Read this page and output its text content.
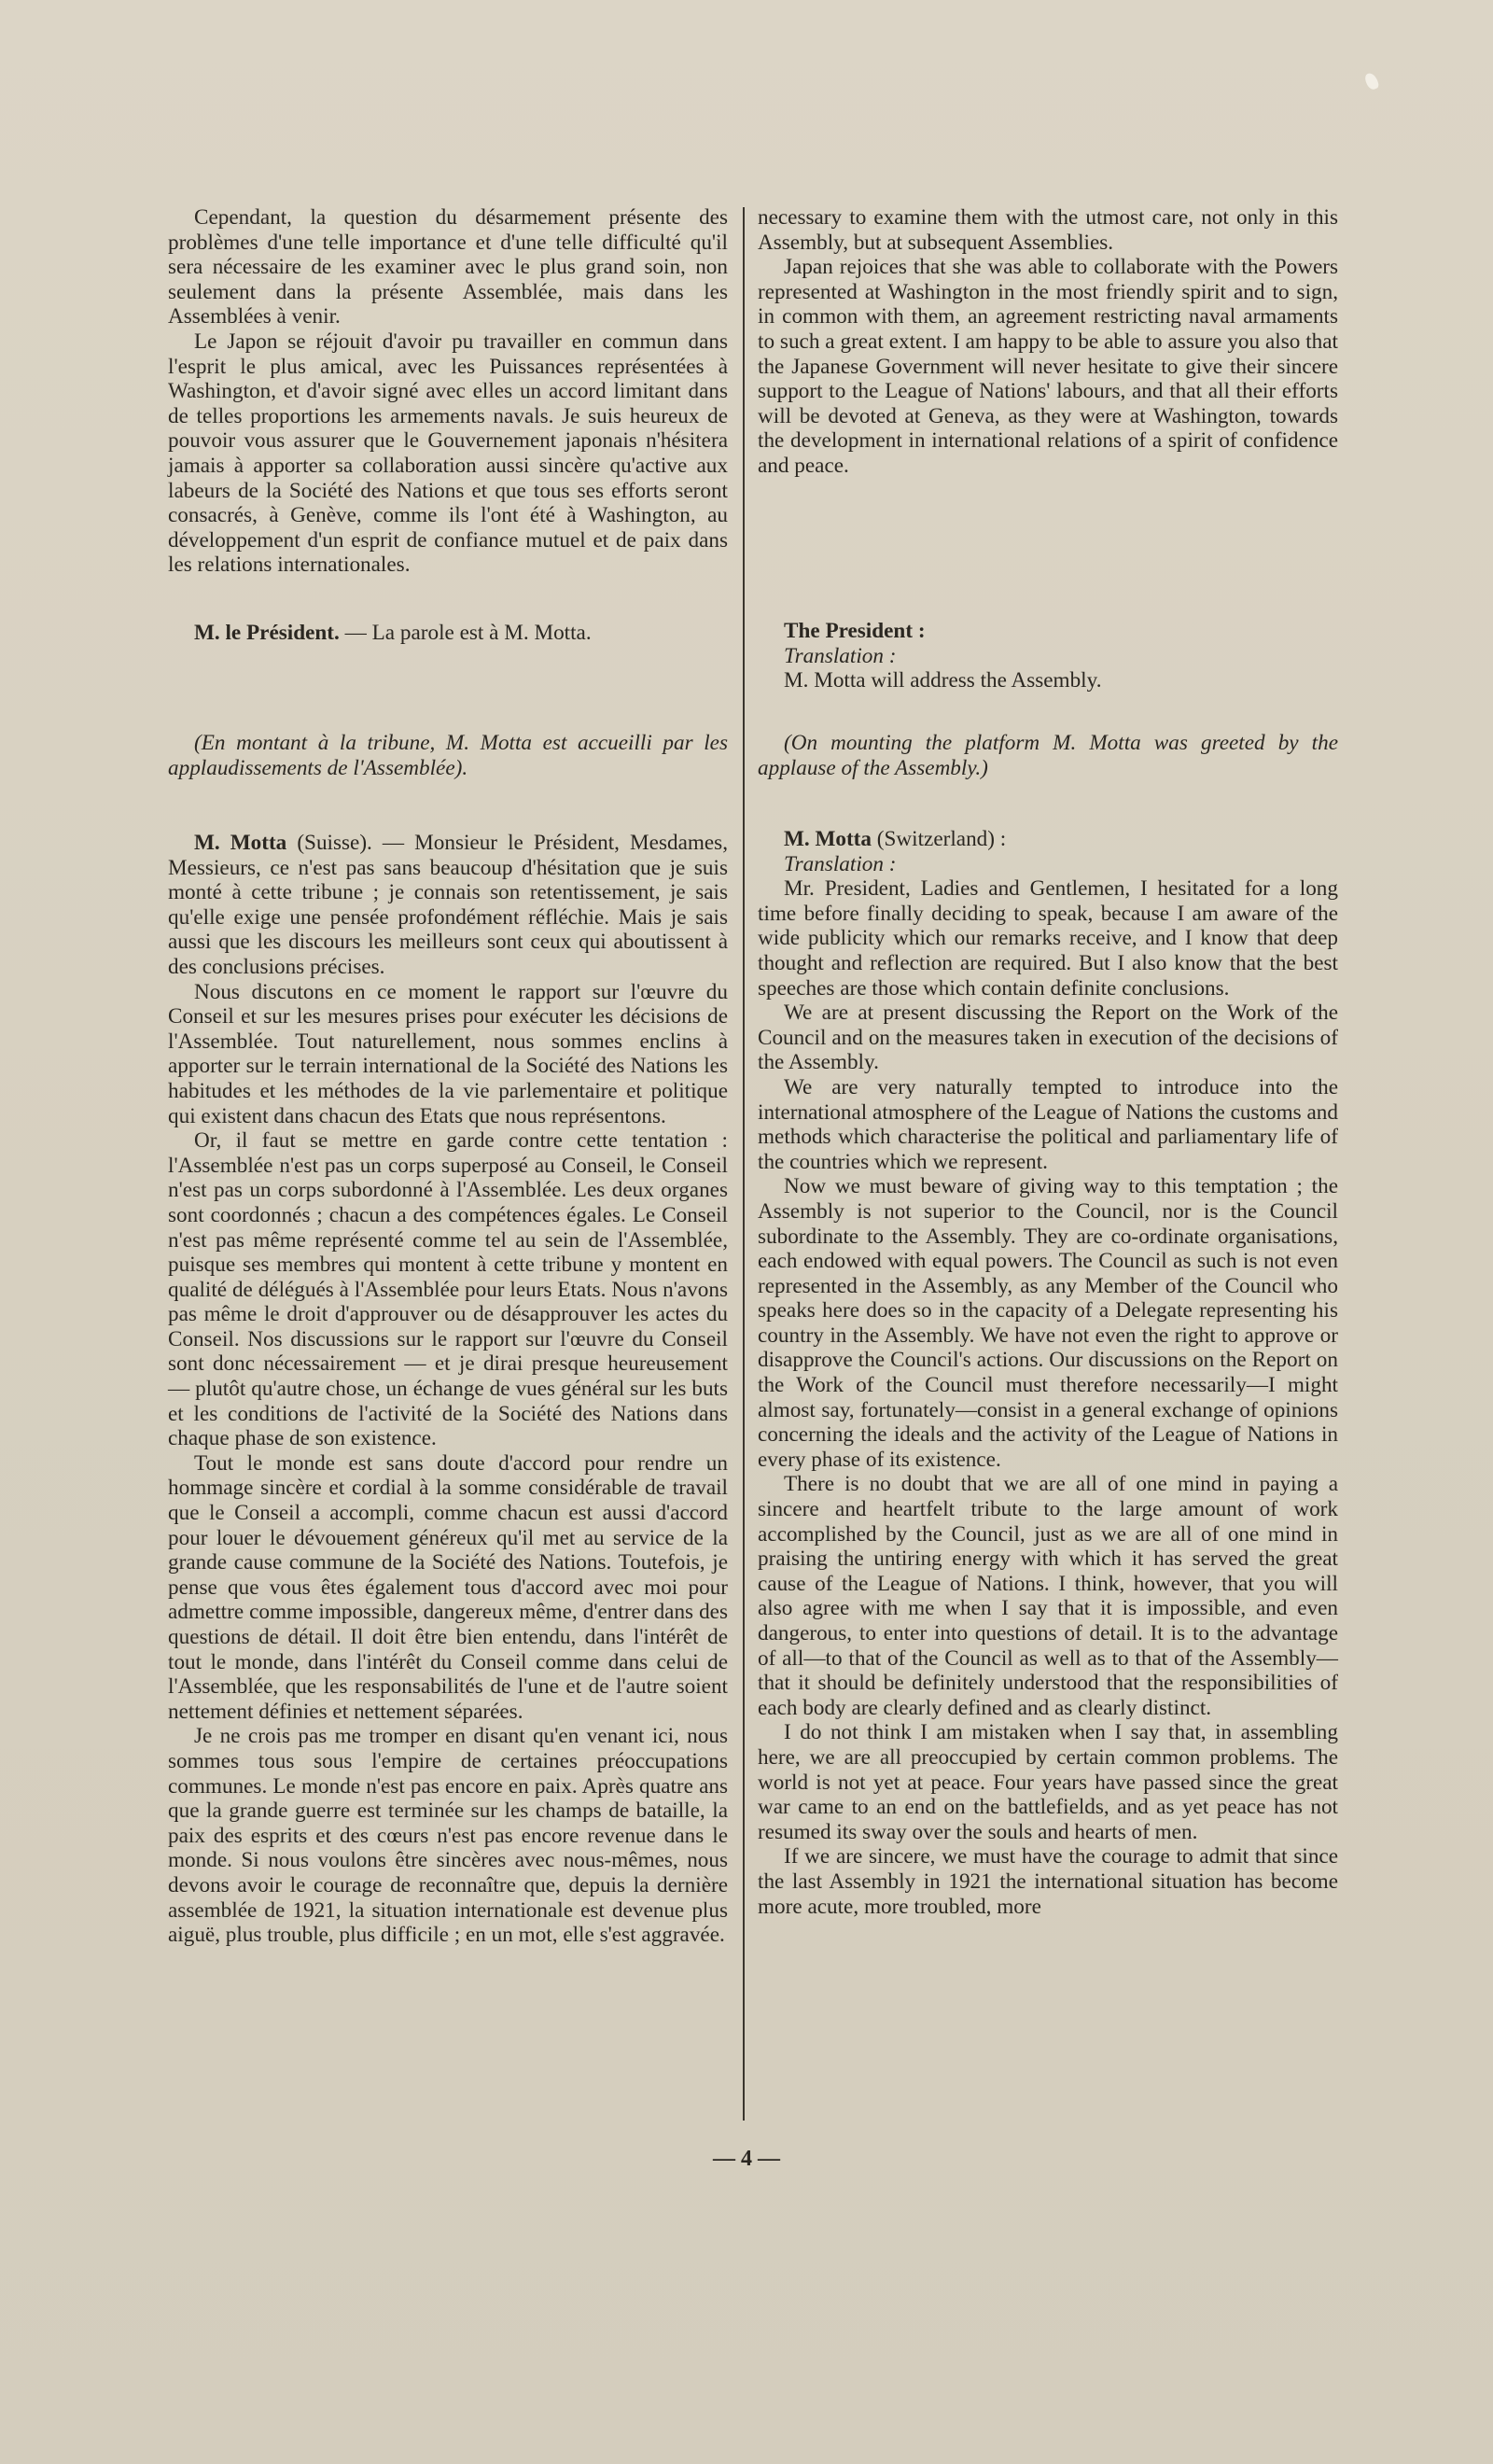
Cependant, la question du désarmement présente des problèmes d'une telle importance et d'une telle difficulté qu'il sera nécessaire de les examiner avec le plus grand soin, non seulement dans la présente Assemblée, mais dans les Assemblées à venir.

Le Japon se réjouit d'avoir pu travailler en commun dans l'esprit le plus amical, avec les Puissances représentées à Washington, et d'avoir signé avec elles un accord limitant dans de telles proportions les armements navals. Je suis heureux de pouvoir vous assurer que le Gouvernement japonais n'hésitera jamais à apporter sa collaboration aussi sincère qu'active aux labeurs de la Société des Nations et que tous ses efforts seront consacrés, à Genève, comme ils l'ont été à Washington, au développement d'un esprit de confiance mutuel et de paix dans les relations internationales.

M. le Président. — La parole est à M. Motta.

(En montant à la tribune, M. Motta est accueilli par les applaudissements de l'Assemblée).

M. Motta (Suisse). — Monsieur le Président, Mesdames, Messieurs, ce n'est pas sans beaucoup d'hésitation que je suis monté à cette tribune ; je connais son retentissement, je sais qu'elle exige une pensée profondément réfléchie. Mais je sais aussi que les discours les meilleurs sont ceux qui aboutissent à des conclusions précises.

Nous discutons en ce moment le rapport sur l'œuvre du Conseil et sur les mesures prises pour exécuter les décisions de l'Assemblée. Tout naturellement, nous sommes enclins à apporter sur le terrain international de la Société des Nations les habitudes et les méthodes de la vie parlementaire et politique qui existent dans chacun des Etats que nous représentons.

Or, il faut se mettre en garde contre cette tentation : l'Assemblée n'est pas un corps superposé au Conseil, le Conseil n'est pas un corps subordonné à l'Assemblée. Les deux organes sont coordonnés ; chacun a des compétences égales. Le Conseil n'est pas même représenté comme tel au sein de l'Assemblée, puisque ses membres qui montent à cette tribune y montent en qualité de délégués à l'Assemblée pour leurs Etats. Nous n'avons pas même le droit d'approuver ou de désapprouver les actes du Conseil. Nos discussions sur le rapport sur l'œuvre du Conseil sont donc nécessairement — et je dirai presque heureusement — plutôt qu'autre chose, un échange de vues général sur les buts et les conditions de l'activité de la Société des Nations dans chaque phase de son existence.

Tout le monde est sans doute d'accord pour rendre un hommage sincère et cordial à la somme considérable de travail que le Conseil a accompli, comme chacun est aussi d'accord pour louer le dévouement généreux qu'il met au service de la grande cause commune de la Société des Nations. Toutefois, je pense que vous êtes également tous d'accord avec moi pour admettre comme impossible, dangereux même, d'entrer dans des questions de détail. Il doit être bien entendu, dans l'intérêt de tout le monde, dans l'intérêt du Conseil comme dans celui de l'Assemblée, que les responsabilités de l'une et de l'autre soient nettement définies et nettement séparées.

Je ne crois pas me tromper en disant qu'en venant ici, nous sommes tous sous l'empire de certaines préoccupations communes. Le monde n'est pas encore en paix. Après quatre ans que la grande guerre est terminée sur les champs de bataille, la paix des esprits et des cœurs n'est pas encore revenue dans le monde. Si nous voulons être sincères avec nous-mêmes, nous devons avoir le courage de reconnaître que, depuis la dernière assemblée de 1921, la situation internationale est devenue plus aiguë, plus trouble, plus difficile ; en un mot, elle s'est aggravée.

necessary to examine them with the utmost care, not only in this Assembly, but at subsequent Assemblies.

Japan rejoices that she was able to collaborate with the Powers represented at Washington in the most friendly spirit and to sign, in common with them, an agreement restricting naval armaments to such a great extent. I am happy to be able to assure you also that the Japanese Government will never hesitate to give their sincere support to the League of Nations' labours, and that all their efforts will be devoted at Geneva, as they were at Washington, towards the development in international relations of a spirit of confidence and peace.

The President :

Translation :

M. Motta will address the Assembly.

(On mounting the platform M. Motta was greeted by the applause of the Assembly.)

M. Motta (Switzerland) :

Translation :

Mr. President, Ladies and Gentlemen, I hesitated for a long time before finally deciding to speak, because I am aware of the wide publicity which our remarks receive, and I know that deep thought and reflection are required. But I also know that the best speeches are those which contain definite conclusions.

We are at present discussing the Report on the Work of the Council and on the measures taken in execution of the decisions of the Assembly.

We are very naturally tempted to introduce into the international atmosphere of the League of Nations the customs and methods which characterise the political and parliamentary life of the countries which we represent.

Now we must beware of giving way to this temptation ; the Assembly is not superior to the Council, nor is the Council subordinate to the Assembly. They are co-ordinate organisations, each endowed with equal powers. The Council as such is not even represented in the Assembly, as any Member of the Council who speaks here does so in the capacity of a Delegate representing his country in the Assembly. We have not even the right to approve or disapprove the Council's actions. Our discussions on the Report on the Work of the Council must therefore necessarily—I might almost say, fortunately—consist in a general exchange of opinions concerning the ideals and the activity of the League of Nations in every phase of its existence.

There is no doubt that we are all of one mind in paying a sincere and heartfelt tribute to the large amount of work accomplished by the Council, just as we are all of one mind in praising the untiring energy with which it has served the great cause of the League of Nations. I think, however, that you will also agree with me when I say that it is impossible, and even dangerous, to enter into questions of detail. It is to the advantage of all—to that of the Council as well as to that of the Assembly—that it should be definitely understood that the responsibilities of each body are clearly defined and as clearly distinct.

I do not think I am mistaken when I say that, in assembling here, we are all preoccupied by certain common problems. The world is not yet at peace. Four years have passed since the great war came to an end on the battlefields, and as yet peace has not resumed its sway over the souls and hearts of men.

If we are sincere, we must have the courage to admit that since the last Assembly in 1921 the international situation has become more acute, more troubled, more

— 4 —
